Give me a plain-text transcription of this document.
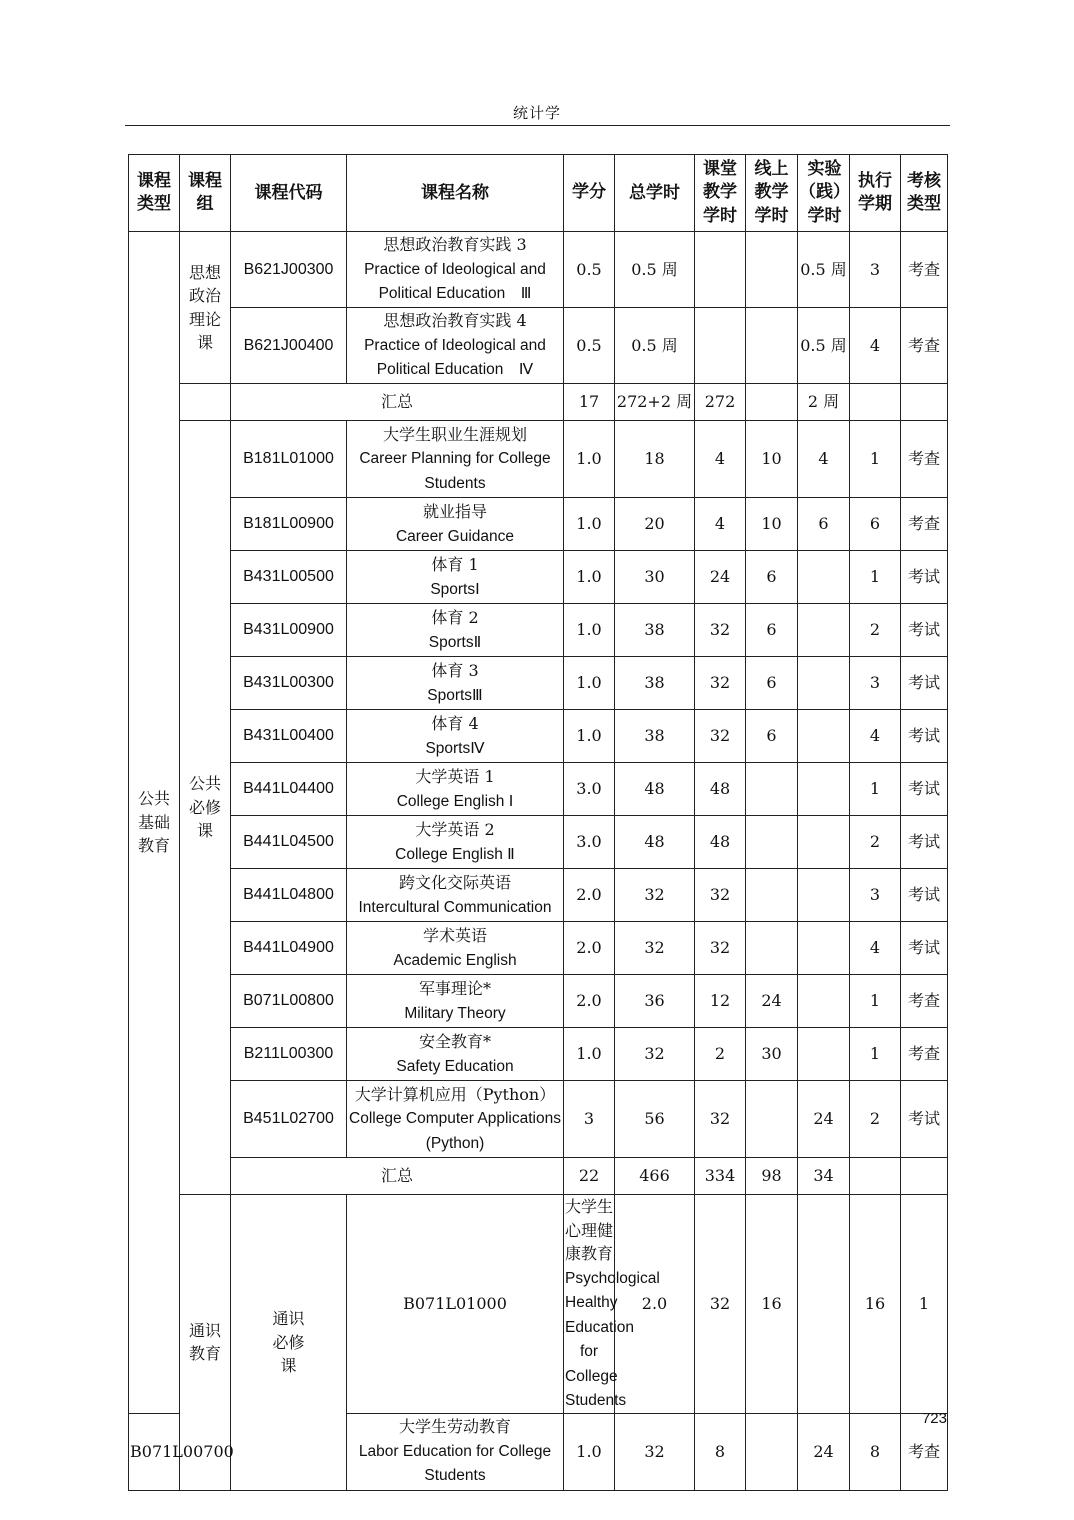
统计学
课程类型	课程组	课程代码	课程名称	学分	总学时	课堂教学学时	线上教学学时	实验（践）学时	执行学期	考核类型	
公共基础教育	思想政治理论课	B621J00300	思想政治教育实践 3
Practice of Ideological and Political Education　Ⅲ	0.5	0.5 周			0.5 周	3	考查	
		B621J00400	思想政治教育实践 4
Practice of Ideological and Political Education　Ⅳ	0.5	0.5 周			0.5 周	4	考查	
		汇总		17	272+2 周	272		2 周			
	公共必修课	B181L01000	大学生职业生涯规划
Career Planning for College Students	1.0	18	4	10	4	1	考查	
		B181L00900	就业指导
Career Guidance	1.0	20	4	10	6	6	考查	
		B431L00500	体育 1
SportsⅠ	1.0	30	24	6		1	考试	
		B431L00900	体育 2
SportsⅡ	1.0	38	32	6		2	考试	
		B431L00300	体育 3
SportsⅢ	1.0	38	32	6		3	考试	
		B431L00400	体育 4
SportsⅣ	1.0	38	32	6		4	考试	
		B441L04400	大学英语 1
College English Ⅰ	3.0	48	48			1	考试	
		B441L04500	大学英语 2
College English Ⅱ	3.0	48	48			2	考试	
		B441L04800	跨文化交际英语
Intercultural Communication	2.0	32	32			3	考试	
		B441L04900	学术英语
Academic English	2.0	32	32			4	考试	
		B071L00800	军事理论*
Military Theory	2.0	36	12	24		1	考查	
		B211L00300	安全教育*
Safety Education	1.0	32	2	30		1	考查	
		B451L02700	大学计算机应用（Python）
College Computer Applications (Python)	3	56	32		24	2	考试	
		汇总		22	466	334	98	34			
	通识教育	通识必修课	B071L01000	大学生心理健康教育
Psychological Healthy Education for College Students	2.0	32	16		16	1	
B071L00700			大学生劳动教育
Labor Education for College Students	1.0	32	8		24	8	考查	
723
